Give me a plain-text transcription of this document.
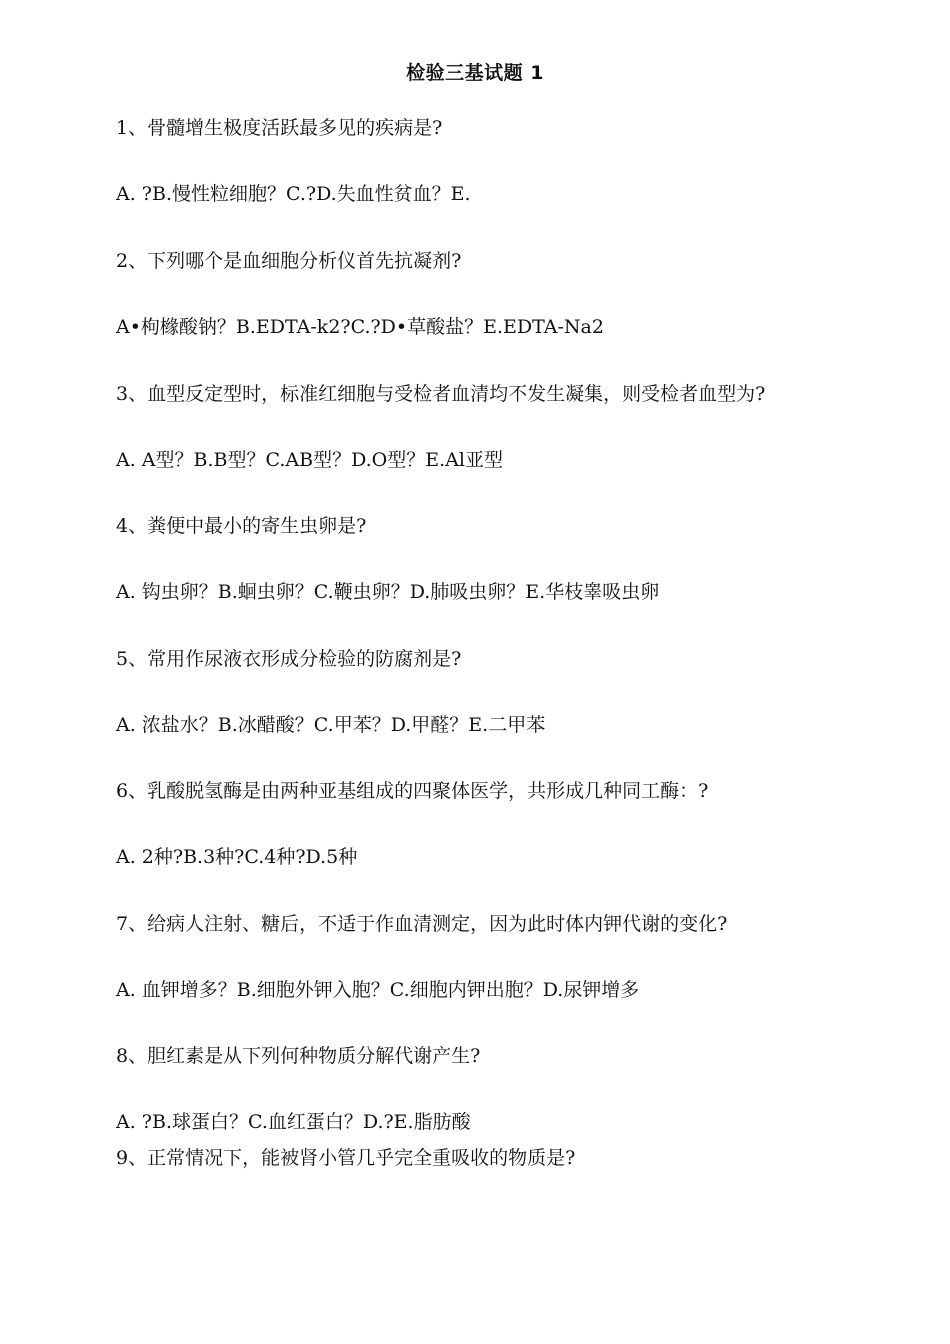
检验三基试题 1
1、骨髓增生极度活跃最多见的疾病是?
A. ?B.慢性粒细胞？C.?D.失血性贫血？E.
2、下列哪个是血细胞分析仪首先抗凝剂?
A•枸橼酸钠？B.EDTA-k2?C.?D•草酸盐？E.EDTA-Na2
3、血型反定型时，标准红细胞与受检者血清均不发生凝集，则受检者血型为?
A. A型？B.B型？C.AB型？D.O型？E.Al亚型
4、粪便中最小的寄生虫卵是?
A. 钩虫卵？B.蛔虫卵？C.鞭虫卵？D.肺吸虫卵？E.华枝睾吸虫卵
5、常用作尿液衣形成分检验的防腐剂是?
A. 浓盐水？B.冰醋酸？C.甲苯？D.甲醛？E.二甲苯
6、乳酸脱氢酶是由两种亚基组成的四聚体医学，共形成几种同工酶：?
A. 2种?B.3种?C.4种?D.5种
7、给病人注射、糖后，不适于作血清测定，因为此时体内钾代谢的变化?
A. 血钾增多？B.细胞外钾入胞？C.细胞内钾出胞？D.尿钾增多
8、胆红素是从下列何种物质分解代谢产生?
A. ?B.球蛋白？C.血红蛋白？D.?E.脂肪酸
9、正常情况下，能被肾小管几乎完全重吸收的物质是?
